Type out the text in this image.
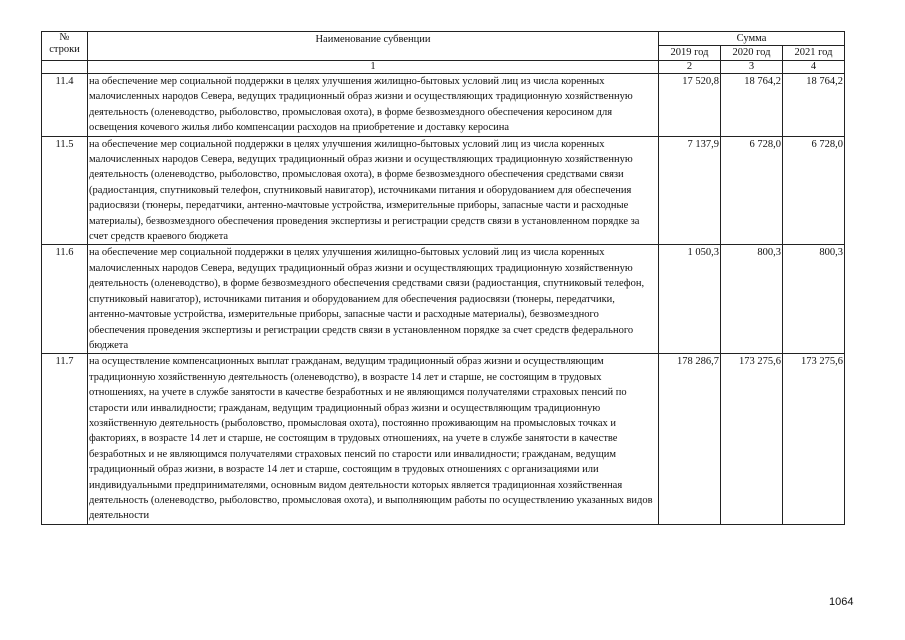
№
строки	Наименование субвенции	Сумма		
		2019 год	2020 год	2021 год
	1	2	3	4
11.4	на обеспечение мер социальной поддержки в целях улучшения жилищно-бытовых условий лиц из числа коренных малочисленных народов Севера, ведущих традиционный образ жизни и осуществляющих традиционную хозяйственную деятельность (оленеводство, рыболовство, промысловая охота), в форме безвозмездного обеспечения керосином для освещения кочевого жилья либо компенсации расходов на приобретение и доставку керосина	17 520,8	18 764,2	18 764,2
11.5	на обеспечение мер социальной поддержки в целях улучшения жилищно-бытовых условий лиц из числа коренных малочисленных народов Севера, ведущих традиционный образ жизни и осуществляющих традиционную хозяйственную деятельность (оленеводство, рыболовство, промысловая охота), в форме безвозмездного обеспечения средствами связи (радиостанция, спутниковый телефон, спутниковый навигатор), источниками питания и оборудованием для обеспечения радиосвязи (тюнеры, передатчики, антенно-мачтовые устройства, измерительные приборы, запасные части и расходные материалы), безвозмездного обеспечения проведения экспертизы и регистрации средств связи в установленном порядке за счет средств краевого бюджета	7 137,9	6 728,0	6 728,0
11.6	на обеспечение мер социальной поддержки в целях улучшения жилищно-бытовых условий лиц из числа коренных малочисленных народов Севера, ведущих традиционный образ жизни и осуществляющих традиционную хозяйственную деятельность (оленеводство), в форме безвозмездного обеспечения средствами связи (радиостанция, спутниковый телефон, спутниковый навигатор), источниками питания и оборудованием для обеспечения радиосвязи (тюнеры, передатчики, антенно-мачтовые устройства, измерительные приборы, запасные части и расходные материалы), безвозмездного обеспечения проведения экспертизы и регистрации средств связи в установленном порядке за счет средств федерального бюджета	1 050,3	800,3	800,3
11.7	на осуществление компенсационных выплат гражданам, ведущим традиционный образ жизни и осуществляющим традиционную хозяйственную деятельность (оленеводство), в возрасте 14 лет и старше, не состоящим в трудовых отношениях, на учете в службе занятости в качестве безработных и не являющимся получателями страховых пенсий по старости или инвалидности; гражданам, ведущим традиционный образ жизни и осуществляющим традиционную хозяйственную деятельность (рыболовство, промысловая охота), постоянно проживающим на промысловых точках и факториях, в возрасте 14 лет и старше, не состоящим в трудовых отношениях, на учете в службе занятости в качестве безработных и не являющимся получателями страховых пенсий по старости или инвалидности; гражданам, ведущим традиционный образ жизни, в возрасте 14 лет и старше, состоящим в трудовых отношениях с организациями или индивидуальными предпринимателями, основным видом деятельности которых является традиционная хозяйственная деятельность (оленеводство, рыболовство, промысловая охота), и выполняющим работы по осуществлению указанных видов деятельности	178 286,7	173 275,6	173 275,6
1064
